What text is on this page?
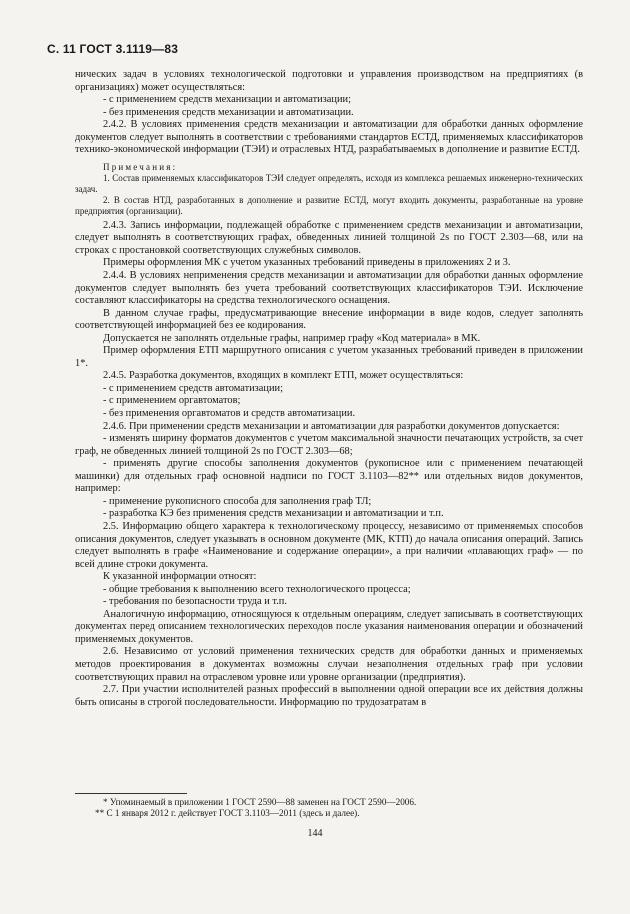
С. 11 ГОСТ 3.1119—83

нических задач в условиях технологической подготовки и управления производством на предприятиях (в организациях) может осуществляться:

- с применением средств механизации и автоматизации;

- без применения средств механизации и автоматизации.

2.4.2. В условиях применения средств механизации и автоматизации для обработки данных оформление документов следует выполнять в соответствии с требованиями стандартов ЕСТД, применяемых классификаторов технико-экономической информации (ТЭИ) и отраслевых НТД, разрабатываемых в дополнение и развитие ЕСТД.

Примечания:

1. Состав применяемых классификаторов ТЭИ следует определять, исходя из комплекса решаемых инженерно-технических задач.

2. В состав НТД, разработанных в дополнение и развитие ЕСТД, могут входить документы, разработанные на уровне предприятия (организации).

2.4.3. Запись информации, подлежащей обработке с применением средств механизации и автоматизации, следует выполнять в соответствующих графах, обведенных линией толщиной 2s по ГОСТ 2.303—68, или на строках с простановкой соответствующих служебных символов.

Примеры оформления МК с учетом указанных требований приведены в приложениях 2 и 3.

2.4.4. В условиях неприменения средств механизации и автоматизации для обработки данных оформление документов следует выполнять без учета требований соответствующих классификаторов ТЭИ. Исключение составляют классификаторы на средства технологического оснащения.

В данном случае графы, предусматривающие внесение информации в виде кодов, следует заполнять соответствующей информацией без ее кодирования.

Допускается не заполнять отдельные графы, например графу «Код материала» в МК.

Пример оформления ЕТП маршрутного описания с учетом указанных требований приведен в приложении 1*.

2.4.5. Разработка документов, входящих в комплект ЕТП, может осуществляться:

- с применением средств автоматизации;

- с применением оргавтоматов;

- без применения оргавтоматов и средств автоматизации.

2.4.6. При применении средств механизации и автоматизации для разработки документов допускается:

- изменять ширину форматов документов с учетом максимальной значности печатающих устройств, за счет граф, не обведенных линией толщиной 2s по ГОСТ 2.303—68;

- применять другие способы заполнения документов (рукописное или с применением печатающей машинки) для отдельных граф основной надписи по ГОСТ 3.1103—82** или отдельных видов документов, например:

- применение рукописного способа для заполнения граф ТЛ;

- разработка КЭ без применения средств механизации и автоматизации и т.п.

2.5. Информацию общего характера к технологическому процессу, независимо от применяемых способов описания документов, следует указывать в основном документе (МК, КТП) до начала описания операций. Запись следует выполнять в графе «Наименование и содержание операции», а при наличии «плавающих граф» — по всей длине строки документа.

К указанной информации относят:

- общие требования к выполнению всего технологического процесса;

- требования по безопасности труда и т.п.

Аналогичную информацию, относящуюся к отдельным операциям, следует записывать в соответствующих документах перед описанием технологических переходов после указания наименования операции и обозначений применяемых документов.

2.6. Независимо от условий применения технических средств для обработки данных и применяемых методов проектирования в документах возможны случаи незаполнения отдельных граф при условии соответствующих правил на отраслевом уровне или уровне организации (предприятия).

2.7. При участии исполнителей разных профессий в выполнении одной операции все их действия должны быть описаны в строгой последовательности. Информацию по трудозатратам в

* Упоминаемый в приложении 1 ГОСТ 2590—88 заменен на ГОСТ 2590—2006.
** С 1 января 2012 г. действует ГОСТ 3.1103—2011 (здесь и далее).
144
